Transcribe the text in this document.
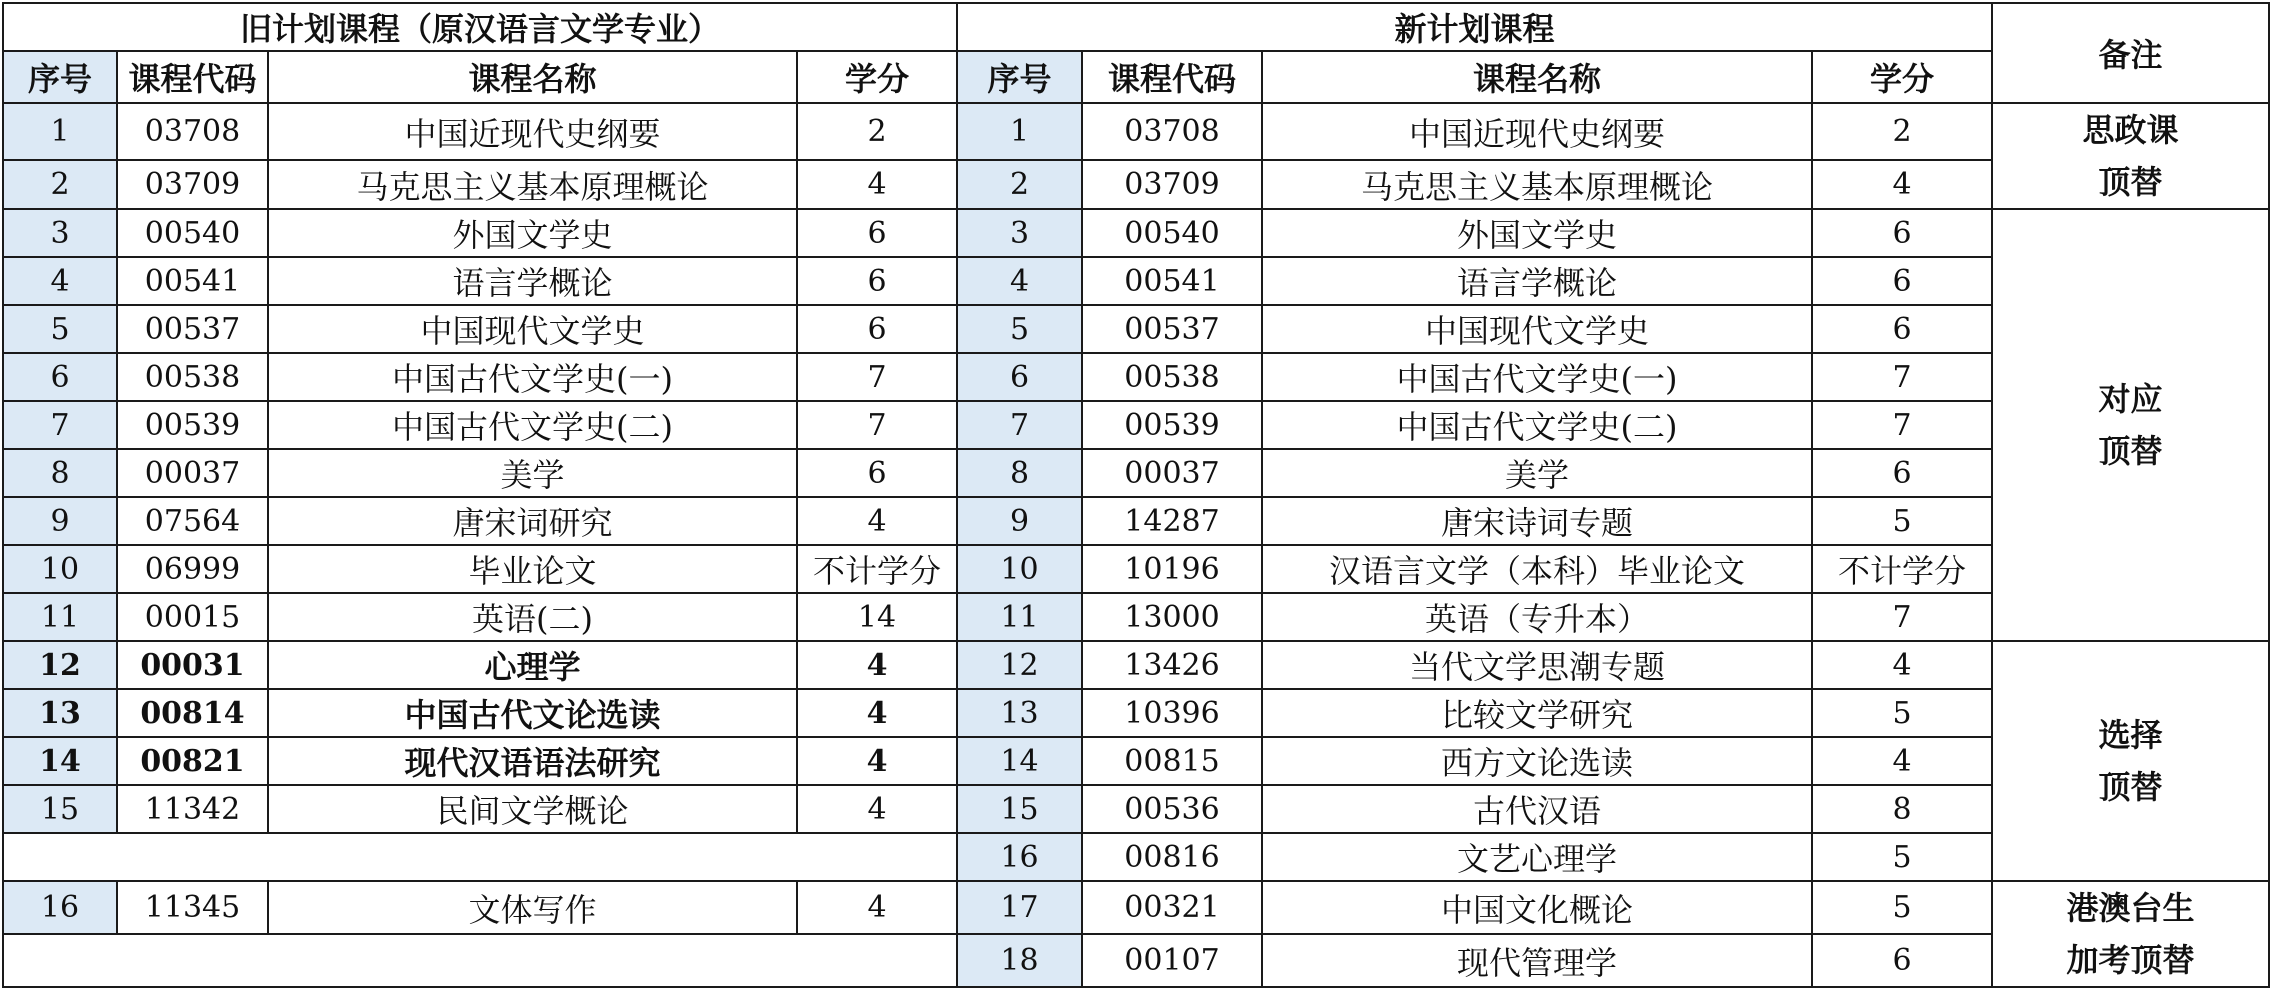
旧计划课程（原汉语言文学专业）				新计划课程				备注
序号	课程代码	课程名称	学分	序号	课程代码	课程名称	学分	
1	03708	中国近现代史纲要	2	1	03708	中国近现代史纲要	2	思政课
顶替

2	03709	马克思主义基本原理概论	4	2	03709	马克思主义基本原理概论	4	
3	00540	外国文学史	6	3	00540	外国文学史	6	对应
顶替

4	00541	语言学概论	6	4	00541	语言学概论	6	
5	00537	中国现代文学史	6	5	00537	中国现代文学史	6	
6	00538	中国古代文学史(一)	7	6	00538	中国古代文学史(一)	7	
7	00539	中国古代文学史(二)	7	7	00539	中国古代文学史(二)	7	
8	00037	美学	6	8	00037	美学	6	
9	07564	唐宋词研究	4	9	14287	唐宋诗词专题	5	
10	06999	毕业论文	不计学分	10	10196	汉语言文学（本科）毕业论文	不计学分	
11	00015	英语(二)	14	11	13000	英语（专升本）	7	
12	00031	心理学	4	12	13426	当代文学思潮专题	4	选择
顶替

13	00814	中国古代文论选读	4	13	10396	比较文学研究	5	
14	00821	现代汉语语法研究	4	14	00815	西方文论选读	4	
15	11342	民间文学概论	4	15	00536	古代汉语	8	
				16	00816	文艺心理学	5	
16	11345	文体写作	4	17	00321	中国文化概论	5	港澳台生
加考顶替

				18	00107	现代管理学	6	
